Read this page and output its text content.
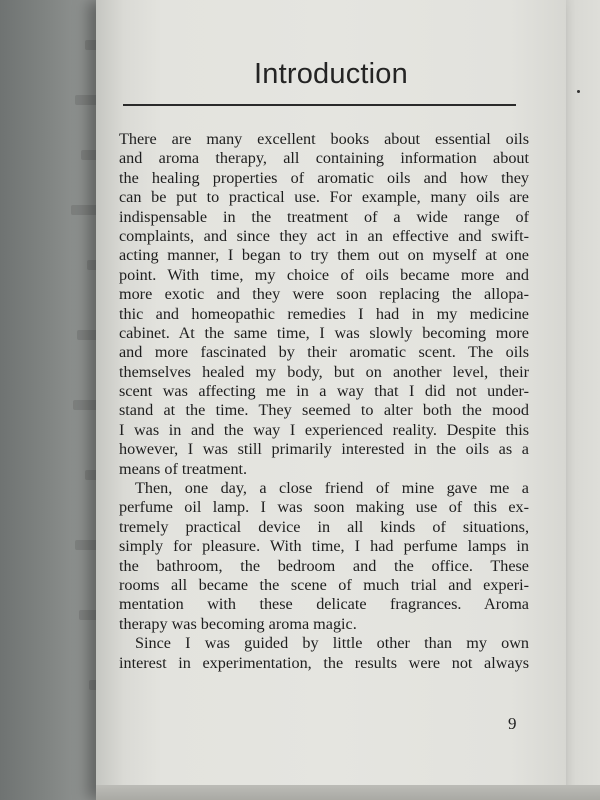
Introduction
There are many excellent books about essential oils
and aroma therapy, all containing information about
the healing properties of aromatic oils and how they
can be put to practical use. For example, many oils are
indispensable in the treatment of a wide range of
complaints, and since they act in an effective and swift-
acting manner, I began to try them out on myself at one
point. With time, my choice of oils became more and
more exotic and they were soon replacing the allopa-
thic and homeopathic remedies I had in my medicine
cabinet. At the same time, I was slowly becoming more
and more fascinated by their aromatic scent. The oils
themselves healed my body, but on another level, their
scent was affecting me in a way that I did not under-
stand at the time. They seemed to alter both the mood
I was in and the way I experienced reality. Despite this
however, I was still primarily interested in the oils as a
means of treatment.
Then, one day, a close friend of mine gave me a
perfume oil lamp. I was soon making use of this ex-
tremely practical device in all kinds of situations,
simply for pleasure. With time, I had perfume lamps in
the bathroom, the bedroom and the office. These
rooms all became the scene of much trial and experi-
mentation with these delicate fragrances. Aroma
therapy was becoming aroma magic.
Since I was guided by little other than my own
interest in experimentation, the results were not always
9
